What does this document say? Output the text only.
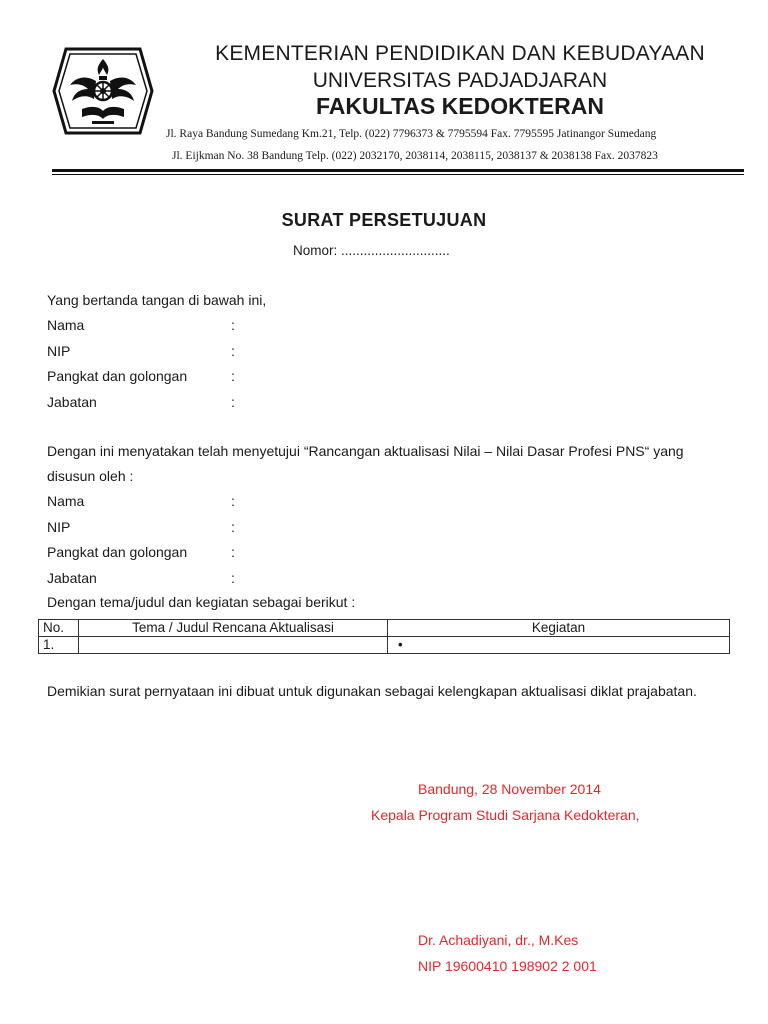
KEMENTERIAN PENDIDIKAN DAN KEBUDAYAAN
UNIVERSITAS PADJADJARAN
FAKULTAS KEDOKTERAN
Jl. Raya Bandung Sumedang Km.21, Telp. (022) 7796373 & 7795594 Fax. 7795595 Jatinangor Sumedang
Jl. Eijkman No. 38 Bandung Telp. (022) 2032170, 2038114, 2038115, 2038137 & 2038138 Fax. 2037823
SURAT PERSETUJUAN
Nomor: .............................
Yang bertanda tangan di bawah ini,
Nama	:
NIP	:
Pangkat dan golongan	:
Jabatan	:
Dengan ini menyatakan telah menyetujui “Rancangan aktualisasi Nilai – Nilai Dasar Profesi PNS“ yang disusun oleh :
Nama	:
NIP	:
Pangkat dan golongan	:
Jabatan	:
Dengan tema/judul dan kegiatan sebagai berikut :
No.	Tema / Judul Rencana Aktualisasi	Kegiatan
1.		•
Demikian surat pernyataan ini dibuat untuk digunakan sebagai kelengkapan aktualisasi diklat prajabatan.
Bandung, 28 November 2014
Kepala Program Studi Sarjana Kedokteran,
Dr. Achadiyani, dr., M.Kes
NIP 19600410 198902 2 001
